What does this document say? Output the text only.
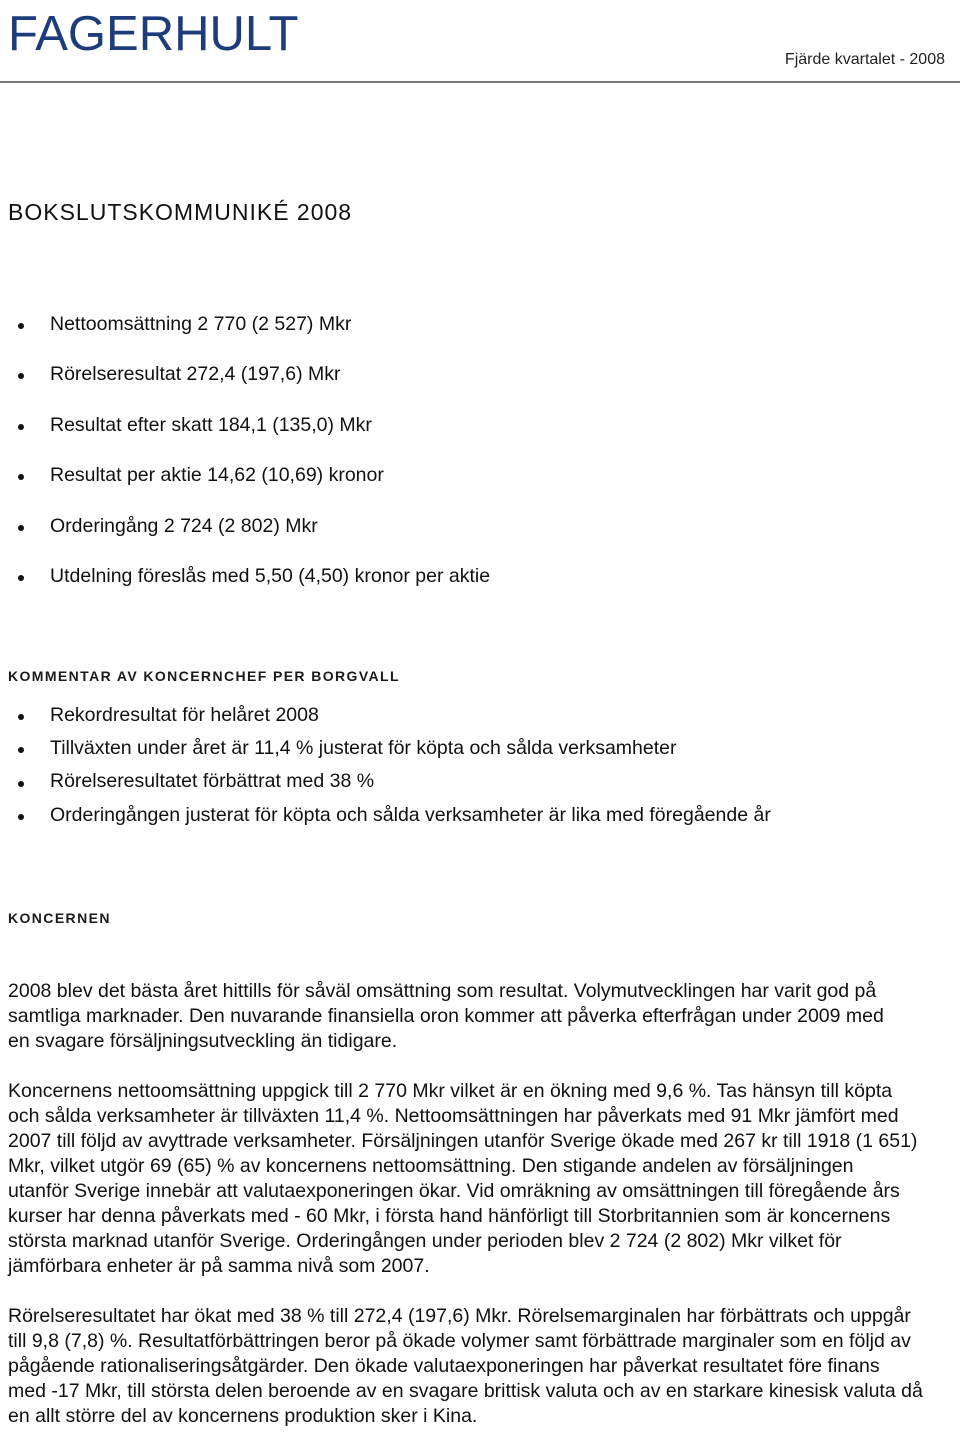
FAGERHULT	Fjärde kvartalet - 2008
BOKSLUTSKOMMUNIKÉ 2008
Nettoomsättning 2 770 (2 527) Mkr
Rörelseresultat 272,4 (197,6) Mkr
Resultat efter skatt 184,1 (135,0) Mkr
Resultat per aktie 14,62 (10,69) kronor
Orderingång 2 724 (2 802) Mkr
Utdelning föreslås med 5,50 (4,50) kronor per aktie
KOMMENTAR AV KONCERNCHEF PER BORGVALL
Rekordresultat för helåret 2008
Tillväxten under året är 11,4 % justerat för köpta och sålda verksamheter
Rörelseresultatet förbättrat med 38 %
Orderingången justerat för köpta och sålda verksamheter är lika med föregående år
KONCERNEN
2008 blev det bästa året hittills för såväl omsättning som resultat. Volymutvecklingen har varit god på
samtliga marknader. Den nuvarande finansiella oron kommer att påverka efterfrågan under 2009 med
en svagare försäljningsutveckling än tidigare.
Koncernens nettoomsättning uppgick till 2 770 Mkr vilket är en ökning med 9,6 %. Tas hänsyn till köpta
och sålda verksamheter är tillväxten 11,4 %. Nettoomsättningen har påverkats med 91 Mkr jämfört med
2007 till följd av avyttrade verksamheter. Försäljningen utanför Sverige ökade med 267 kr till 1918 (1 651)
Mkr, vilket utgör 69 (65) % av koncernens nettoomsättning. Den stigande andelen av försäljningen
utanför Sverige innebär att valutaexponeringen ökar. Vid omräkning av omsättningen till föregående års
kurser har denna påverkats med - 60 Mkr, i första hand hänförligt till Storbritannien som är koncernens
största marknad utanför Sverige. Orderingången under perioden blev 2 724 (2 802) Mkr vilket för
jämförbara enheter är på samma nivå som 2007.
Rörelseresultatet har ökat med 38 % till 272,4 (197,6) Mkr. Rörelsemarginalen har förbättrats och uppgår
till 9,8 (7,8) %. Resultatförbättringen beror på ökade volymer samt förbättrade marginaler som en följd av
pågående rationaliseringsåtgärder. Den ökade valutaexponeringen har påverkat resultatet före finans
med -17 Mkr, till största delen beroende av en svagare brittisk valuta och av en starkare kinesisk valuta då
en allt större del av koncernens produktion sker i Kina.
